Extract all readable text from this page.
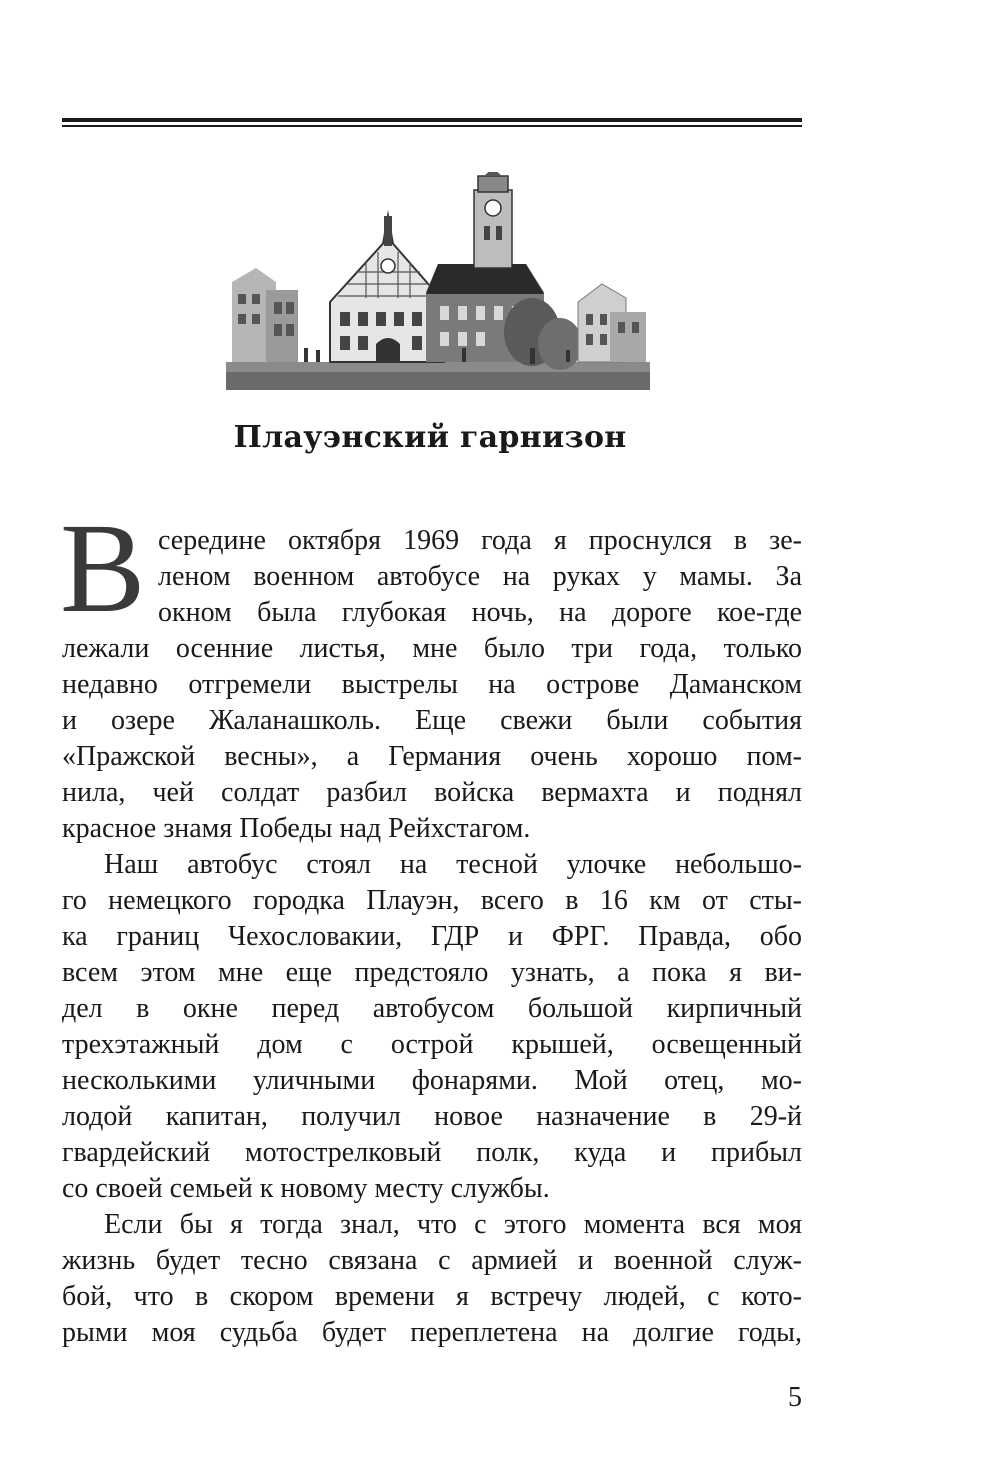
Плауэнский гарнизон
В середине октября 1969 года я проснулся в зе-
леном военном автобусе на руках у мамы. За
окном была глубокая ночь, на дороге кое-где
лежали осенние листья, мне было три года, только
недавно отгремели выстрелы на острове Даманском
и озере Жаланашколь. Еще свежи были события
«Пражской весны», а Германия очень хорошо пом-
нила, чей солдат разбил войска вермахта и поднял
красное знамя Победы над Рейхстагом.
Наш автобус стоял на тесной улочке небольшо-
го немецкого городка Плауэн, всего в 16 км от сты-
ка границ Чехословакии, ГДР и ФРГ. Правда, обо
всем этом мне еще предстояло узнать, а пока я ви-
дел в окне перед автобусом большой кирпичный
трехэтажный дом с острой крышей, освещенный
несколькими уличными фонарями. Мой отец, мо-
лодой капитан, получил новое назначение в 29-й
гвардейский мотострелковый полк, куда и прибыл
со своей семьей к новому месту службы.
Если бы я тогда знал, что с этого момента вся моя
жизнь будет тесно связана с армией и военной служ-
бой, что в скором времени я встречу людей, с кото-
рыми моя судьба будет переплетена на долгие годы,
5
